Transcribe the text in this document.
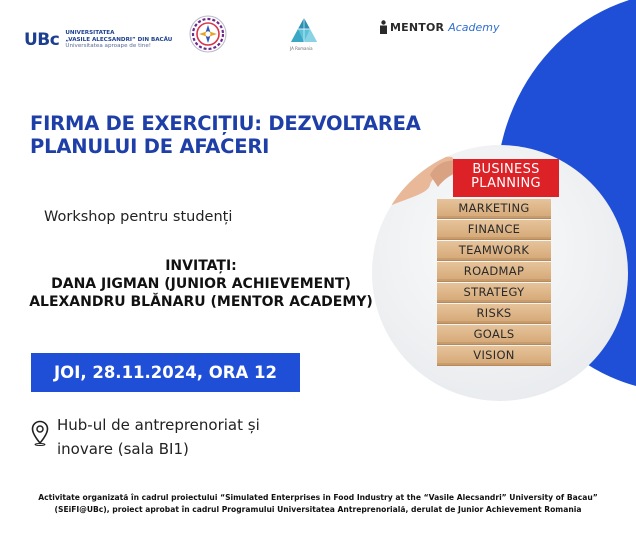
UBc UNIVERSITATEA
„VASILE ALECSANDRI” DIN BACĂU
Universitatea aproape de tine!	JA Romania
MENTOR Academy
FIRMA DE EXERCIȚIU: DEZVOLTAREA
PLANULUI DE AFACERI
BUSINESS
PLANNING
MARKETING
FINANCE
TEAMWORK
ROADMAP
STRATEGY
RISKS
GOALS
VISION
Workshop pentru studenți
INVITAȚI:
DANA JIGMAN (JUNIOR ACHIEVEMENT)
ALEXANDRU BLĂNARU (MENTOR ACADEMY)
JOI, 28.11.2024, ORA 12
Hub-ul de antreprenoriat și
inovare (sala BI1)
Activitate organizată în cadrul proiectului “Simulated Enterprises in Food Industry at the “Vasile Alecsandri” University of Bacau”
(SEiFI@UBc), proiect aprobat în cadrul Programului Universitatea Antreprenorială, derulat de Junior Achievement Romania
